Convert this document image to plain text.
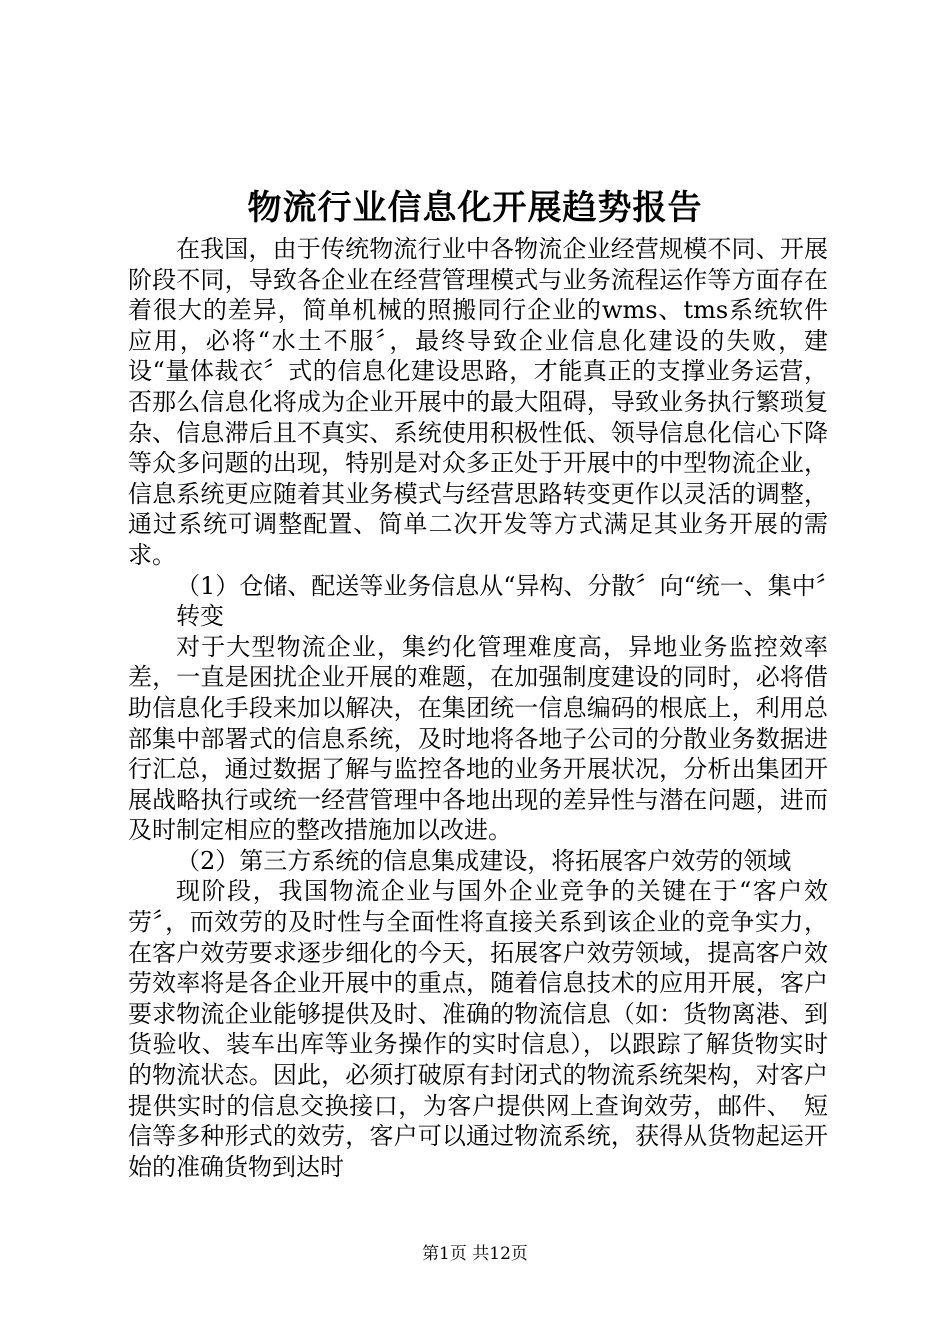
物流行业信息化开展趋势报告

在我国，由于传统物流行业中各物流企业经营规模不同、开展阶段不同，导致各企业在经营管理模式与业务流程运作等方面存在着很大的差异，简单机械的照搬同行企业的wms、tms系统软件应用，必将“水土不服〞，最终导致企业信息化建设的失败，建设“量体裁衣〞式的信息化建设思路，才能真正的支撑业务运营，否那么信息化将成为企业开展中的最大阻碍，导致业务执行繁琐复杂、信息滞后且不真实、系统使用积极性低、领导信息化信心下降等众多问题的出现，特别是对众多正处于开展中的中型物流企业，信息系统更应随着其业务模式与经营思路转变更作以灵活的调整，通过系统可调整配置、简单二次开发等方式满足其业务开展的需求。

（1）仓储、配送等业务信息从“异构、分散〞向“统一、集中〞转变

对于大型物流企业，集约化管理难度高，异地业务监控效率差，一直是困扰企业开展的难题，在加强制度建设的同时，必将借助信息化手段来加以解决，在集团统一信息编码的根底上，利用总部集中部署式的信息系统，及时地将各地子公司的分散业务数据进行汇总，通过数据了解与监控各地的业务开展状况，分析出集团开展战略执行或统一经营管理中各地出现的差异性与潜在问题，进而及时制定相应的整改措施加以改进。

（2）第三方系统的信息集成建设，将拓展客户效劳的领域

现阶段，我国物流企业与国外企业竞争的关键在于“客户效劳〞，而效劳的及时性与全面性将直接关系到该企业的竞争实力，在客户效劳要求逐步细化的今天，拓展客户效劳领域，提高客户效劳效率将是各企业开展中的重点，随着信息技术的应用开展，客户要求物流企业能够提供及时、准确的物流信息（如：货物离港、到货验收、装车出库等业务操作的实时信息），以跟踪了解货物实时的物流状态。因此，必须打破原有封闭式的物流系统架构，对客户提供实时的信息交换接口，为客户提供网上查询效劳，邮件、　短信等多种形式的效劳，客户可以通过物流系统，获得从货物起运开始的准确货物到达时

第1页 共12页
